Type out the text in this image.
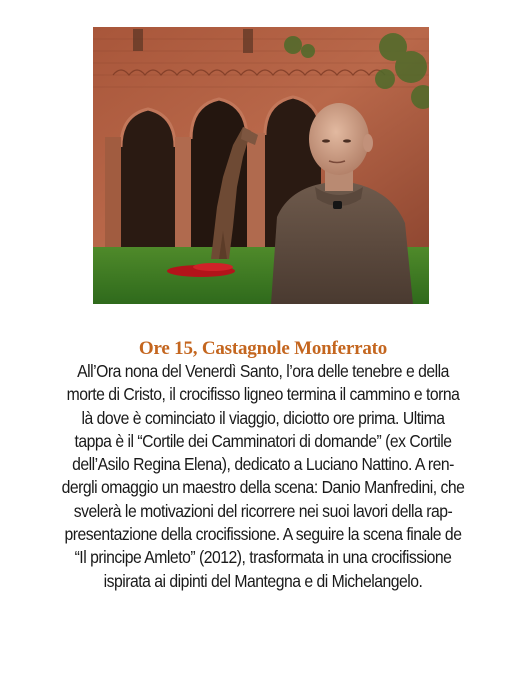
Ore 15, Castagnole Monferrato

All’Ora nona del Venerdì Santo, l’ora delle tenebre e della
morte di Cristo, il crocifisso ligneo termina il cammino e torna
là dove è cominciato il viaggio, diciotto ore prima. Ultima
tappa è il “Cortile dei Camminatori di domande” (ex Cortile
dell’Asilo Regina Elena), dedicato a Luciano Nattino. A ren-
dergli omaggio un maestro della scena: Danio Manfredini, che
svelerà le motivazioni del ricorrere nei suoi lavori della rap-
presentazione della crocifissione. A seguire la scena finale de
“Il principe Amleto” (2012), trasformata in una crocifissione
ispirata ai dipinti del Mantegna e di Michelangelo.
